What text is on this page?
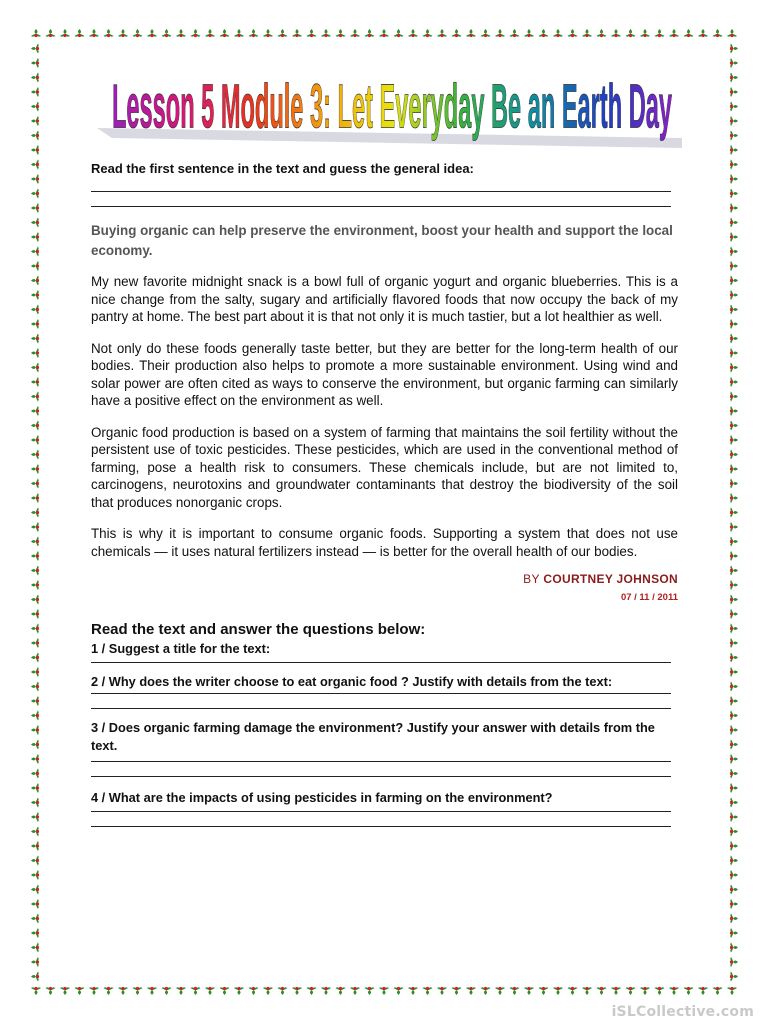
Lesson 5 Module 3: Let Everyday Be an Earth Day

Read the first sentence in the text and guess the general idea:

Buying organic can help preserve the environment, boost your health and support the local economy.

My new favorite midnight snack is a bowl full of organic yogurt and organic blueberries. This is a nice change from the salty, sugary and artificially flavored foods that now occupy the back of my pantry at home. The best part about it is that not only it is much tastier, but a lot healthier as well.

Not only do these foods generally taste better, but they are better for the long-term health of our bodies. Their production also helps to promote a more sustainable environment. Using wind and solar power are often cited as ways to conserve the environment, but organic farming can similarly have a positive effect on the environment as well.

Organic food production is based on a system of farming that maintains the soil fertility without the persistent use of toxic pesticides. These pesticides, which are used in the conventional method of farming, pose a health risk to consumers. These chemicals include, but are not limited to, carcinogens, neurotoxins and groundwater contaminants that destroy the biodiversity of the soil that produces nonorganic crops.

This is why it is important to consume organic foods. Supporting a system that does not use chemicals — it uses natural fertilizers instead — is better for the overall health of our bodies.

BY COURTNEY JOHNSON
07 / 11 / 2011

Read the text and answer the questions below:

1 / Suggest a title for the text:

2 / Why does the writer choose to eat organic food ? Justify with details from the text:

3 / Does organic farming damage the environment? Justify your answer with details from the text.

4 / What are the impacts of using pesticides in farming on the environment?

iSLCollective.com
